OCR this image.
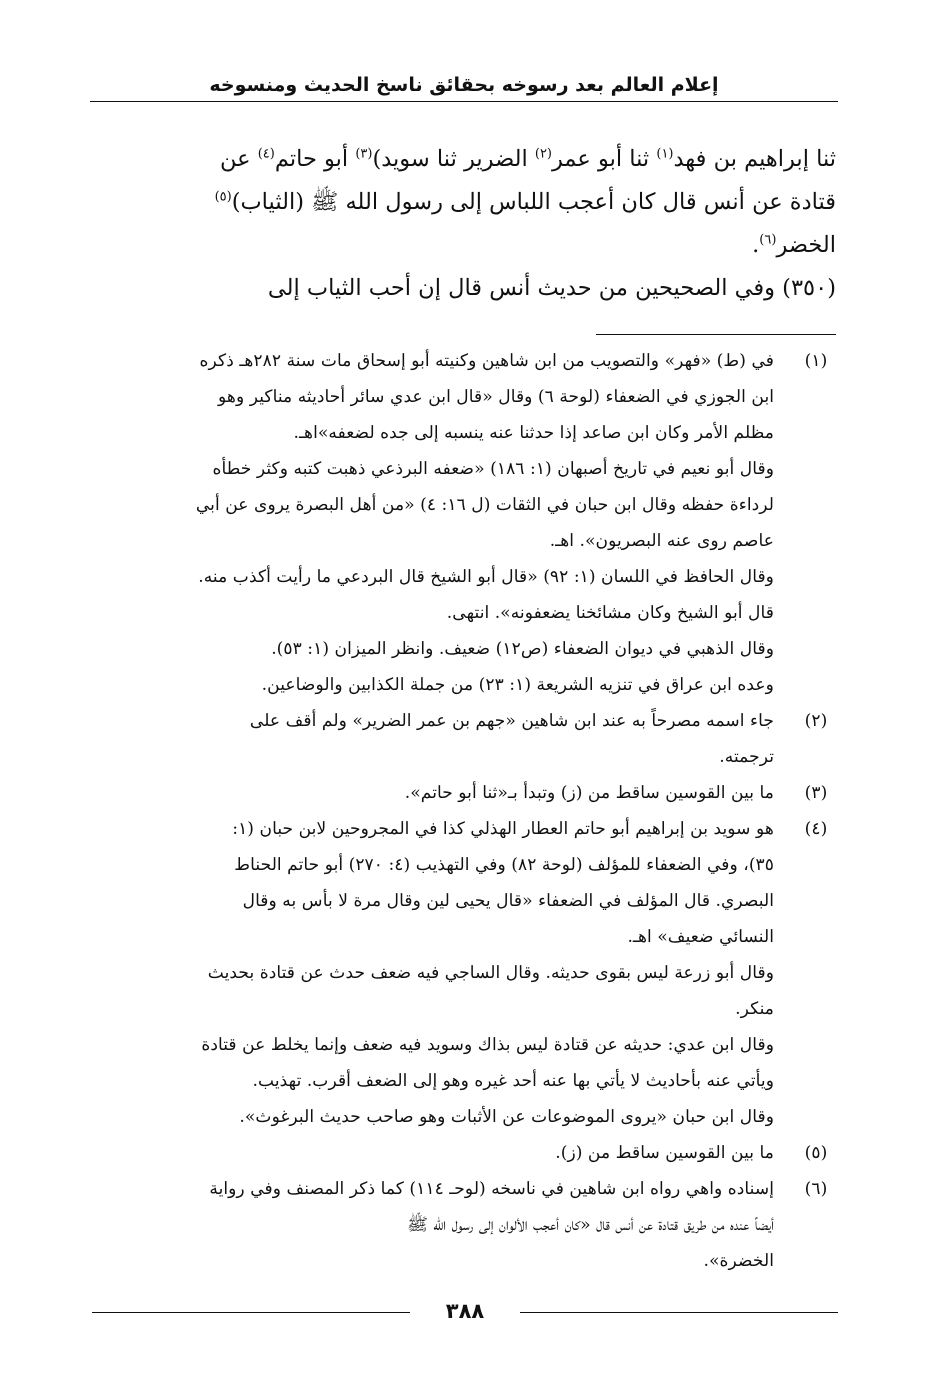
إعلام العالم بعد رسوخه بحقائق ناسخ الحديث ومنسوخه
ثنا إبراهيم بن فهد$^{(١)}$ ثنا أبو عمر$^{(٢)}$ الضرير ثنا سويد)$^{(٣)}$ أبو حاتم$^{(٤)}$ عن
قتادة عن أنس قال كان أعجب اللباس إلى رسول الله ﷺ (الثياب)$^{(٥)}$
الخضر$^{(٦)}$.
(٣٥٠) وفي الصحيحين من حديث أنس قال إن أحب الثياب إلى
(١)
في (ط) «فهر» والتصويب من ابن شاهين وكنيته أبو إسحاق مات سنة ٢٨٢هـ ذكره
ابن الجوزي في الضعفاء (لوحة ٦) وقال «قال ابن عدي سائر أحاديثه مناكير وهو
مظلم الأمر وكان ابن صاعد إذا حدثنا عنه ينسبه إلى جده لضعفه»اهـ.
وقال أبو نعيم في تاريخ أصبهان (١: ١٨٦) «ضعفه البرذعي ذهبت كتبه وكثر خطأه
لرداءة حفظه وقال ابن حبان في الثقات (ل ١٦: ٤) «من أهل البصرة يروى عن أبي
عاصم روى عنه البصريون». اهـ.
وقال الحافظ في اللسان (١: ٩٢) «قال أبو الشيخ قال البردعي ما رأيت أكذب منه.
قال أبو الشيخ وكان مشائخنا يضعفونه». انتهى.
وقال الذهبي في ديوان الضعفاء (ص١٢) ضعيف. وانظر الميزان (١: ٥٣).
وعده ابن عراق في تنزيه الشريعة (١: ٢٣) من جملة الكذابين والوضاعين.
(٢)
جاء اسمه مصرحاً به عند ابن شاهين «جهم بن عمر الضرير» ولم أقف على
ترجمته.
(٣)
ما بين القوسين ساقط من (ز) وتبدأ بـ«ثنا أبو حاتم».
(٤)
هو سويد بن إبراهيم أبو حاتم العطار الهذلي كذا في المجروحين لابن حبان (١:
٣٥)، وفي الضعفاء للمؤلف (لوحة ٨٢) وفي التهذيب (٤: ٢٧٠) أبو حاتم الحناط
البصري. قال المؤلف في الضعفاء «قال يحيى لين وقال مرة لا بأس به وقال
النسائي ضعيف» اهـ.
وقال أبو زرعة ليس بقوى حديثه. وقال الساجي فيه ضعف حدث عن قتادة بحديث
منكر.
وقال ابن عدي: حديثه عن قتادة ليس بذاك وسويد فيه ضعف وإنما يخلط عن قتادة
ويأتي عنه بأحاديث لا يأتي بها عنه أحد غيره وهو إلى الضعف أقرب. تهذيب.
وقال ابن حبان «يروى الموضوعات عن الأثبات وهو صاحب حديث البرغوث».
(٥)
ما بين القوسين ساقط من (ز).
(٦)
إسناده واهي رواه ابن شاهين في ناسخه (لوحـ ١١٤) كما ذكر المصنف وفي رواية
أيضاً عنده من طريق قتادة عن أنس قال «كان أعجب الألوان إلى رسول الله ﷺ
الخضرة».
٣٨٨
